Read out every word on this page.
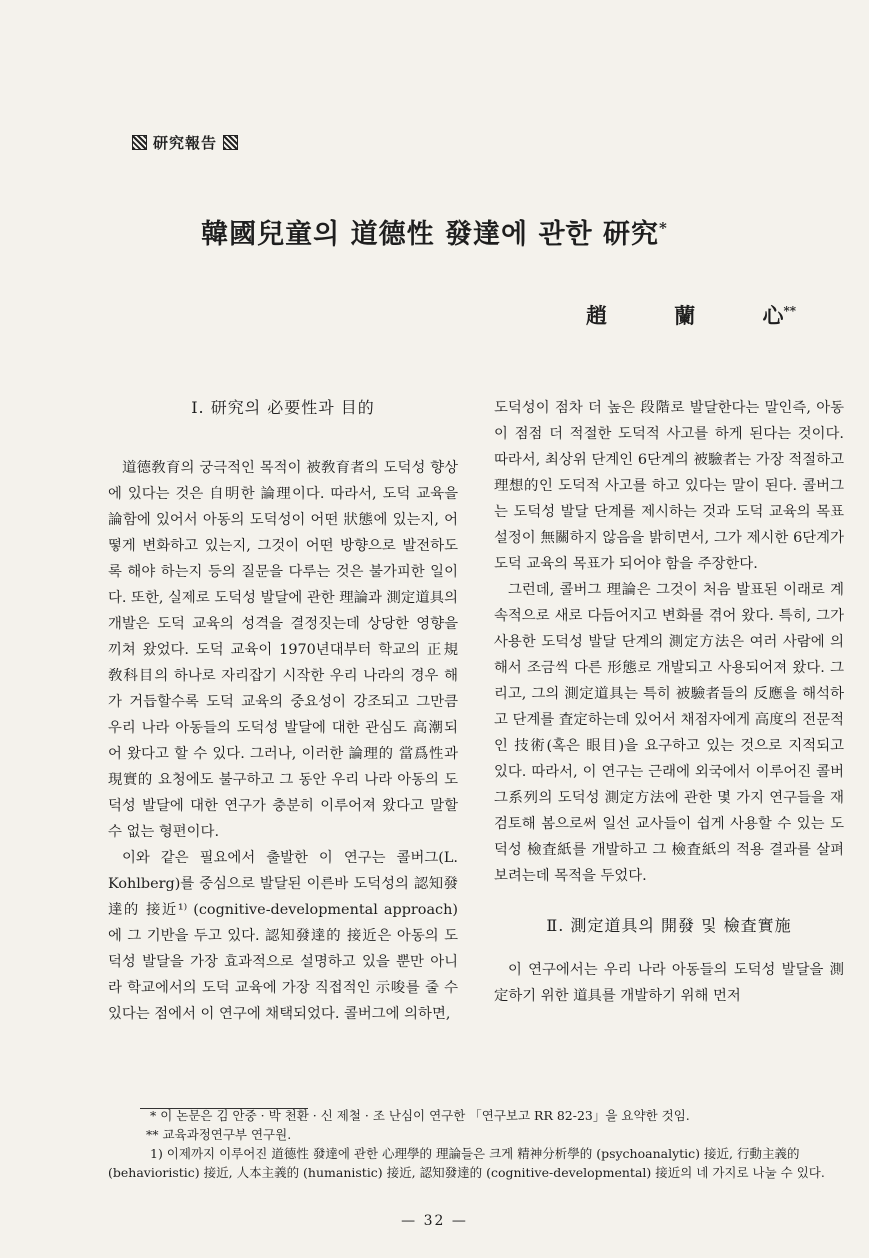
研究報告
韓國兒童의 道德性 發達에 관한 研究*
趙	蘭	心**
Ⅰ. 研究의 必要性과 目的

道德敎育의 궁극적인 목적이 被敎育者의 도덕성 향상에 있다는 것은 自明한 論理이다. 따라서, 도덕 교육을 論함에 있어서 아동의 도덕성이 어떤 狀態에 있는지, 어떻게 변화하고 있는지, 그것이 어떤 방향으로 발전하도록 해야 하는지 등의 질문을 다루는 것은 불가피한 일이다. 또한, 실제로 도덕성 발달에 관한 理論과 測定道具의 개발은 도덕 교육의 성격을 결정짓는데 상당한 영향을 끼쳐 왔었다. 도덕 교육이 1970년대부터 학교의 正規 敎科目의 하나로 자리잡기 시작한 우리 나라의 경우 해가 거듭할수록 도덕 교육의 중요성이 강조되고 그만큼 우리 나라 아동들의 도덕성 발달에 대한 관심도 高潮되어 왔다고 할 수 있다. 그러나, 이러한 論理的 當爲性과 現實的 요청에도 불구하고 그 동안 우리 나라 아동의 도덕성 발달에 대한 연구가 충분히 이루어져 왔다고 말할 수 없는 형편이다.

이와 같은 필요에서 출발한 이 연구는 콜버그(L. Kohlberg)를 중심으로 발달된 이른바 도덕성의 認知發達的 接近¹⁾ (cognitive-developmental approach)에 그 기반을 두고 있다. 認知發達的 接近은 아동의 도덕성 발달을 가장 효과적으로 설명하고 있을 뿐만 아니라 학교에서의 도덕 교육에 가장 직접적인 示唆를 줄 수 있다는 점에서 이 연구에 채택되었다. 콜버그에 의하면,

도덕성이 점차 더 높은 段階로 발달한다는 말인즉, 아동이 점점 더 적절한 도덕적 사고를 하게 된다는 것이다. 따라서, 최상위 단계인 6단계의 被驗者는 가장 적절하고 理想的인 도덕적 사고를 하고 있다는 말이 된다. 콜버그는 도덕성 발달 단계를 제시하는 것과 도덕 교육의 목표 설정이 無關하지 않음을 밝히면서, 그가 제시한 6단계가 도덕 교육의 목표가 되어야 함을 주장한다.

그런데, 콜버그 理論은 그것이 처음 발표된 이래로 계속적으로 새로 다듬어지고 변화를 겪어 왔다. 특히, 그가 사용한 도덕성 발달 단계의 測定方法은 여러 사람에 의해서 조금씩 다른 形態로 개발되고 사용되어져 왔다. 그리고, 그의 測定道具는 특히 被驗者들의 反應을 해석하고 단계를 査定하는데 있어서 채점자에게 高度의 전문적인 技術(혹은 眼目)을 요구하고 있는 것으로 지적되고 있다. 따라서, 이 연구는 근래에 외국에서 이루어진 콜버그系列의 도덕성 測定方法에 관한 몇 가지 연구들을 재검토해 봄으로써 일선 교사들이 쉽게 사용할 수 있는 도덕성 檢査紙를 개발하고 그 檢査紙의 적용 결과를 살펴 보려는데 목적을 두었다.

Ⅱ. 測定道具의 開發 및 檢査實施

이 연구에서는 우리 나라 아동들의 도덕성 발달을 測定하기 위한 道具를 개발하기 위해 먼저

* 이 논문은 김 안중 · 박 천환 · 신 제철 · 조 난심이 연구한 「연구보고 RR 82-23」을 요약한 것임.

** 교육과정연구부 연구원.

1) 이제까지 이루어진 道德性 發達에 관한 心理學的 理論들은 크게 精神分析學的 (psychoanalytic) 接近, 行動主義的 (behavioristic) 接近, 人本主義的 (humanistic) 接近, 認知發達的 (cognitive-developmental) 接近의 네 가지로 나눌 수 있다.

— 32 —
